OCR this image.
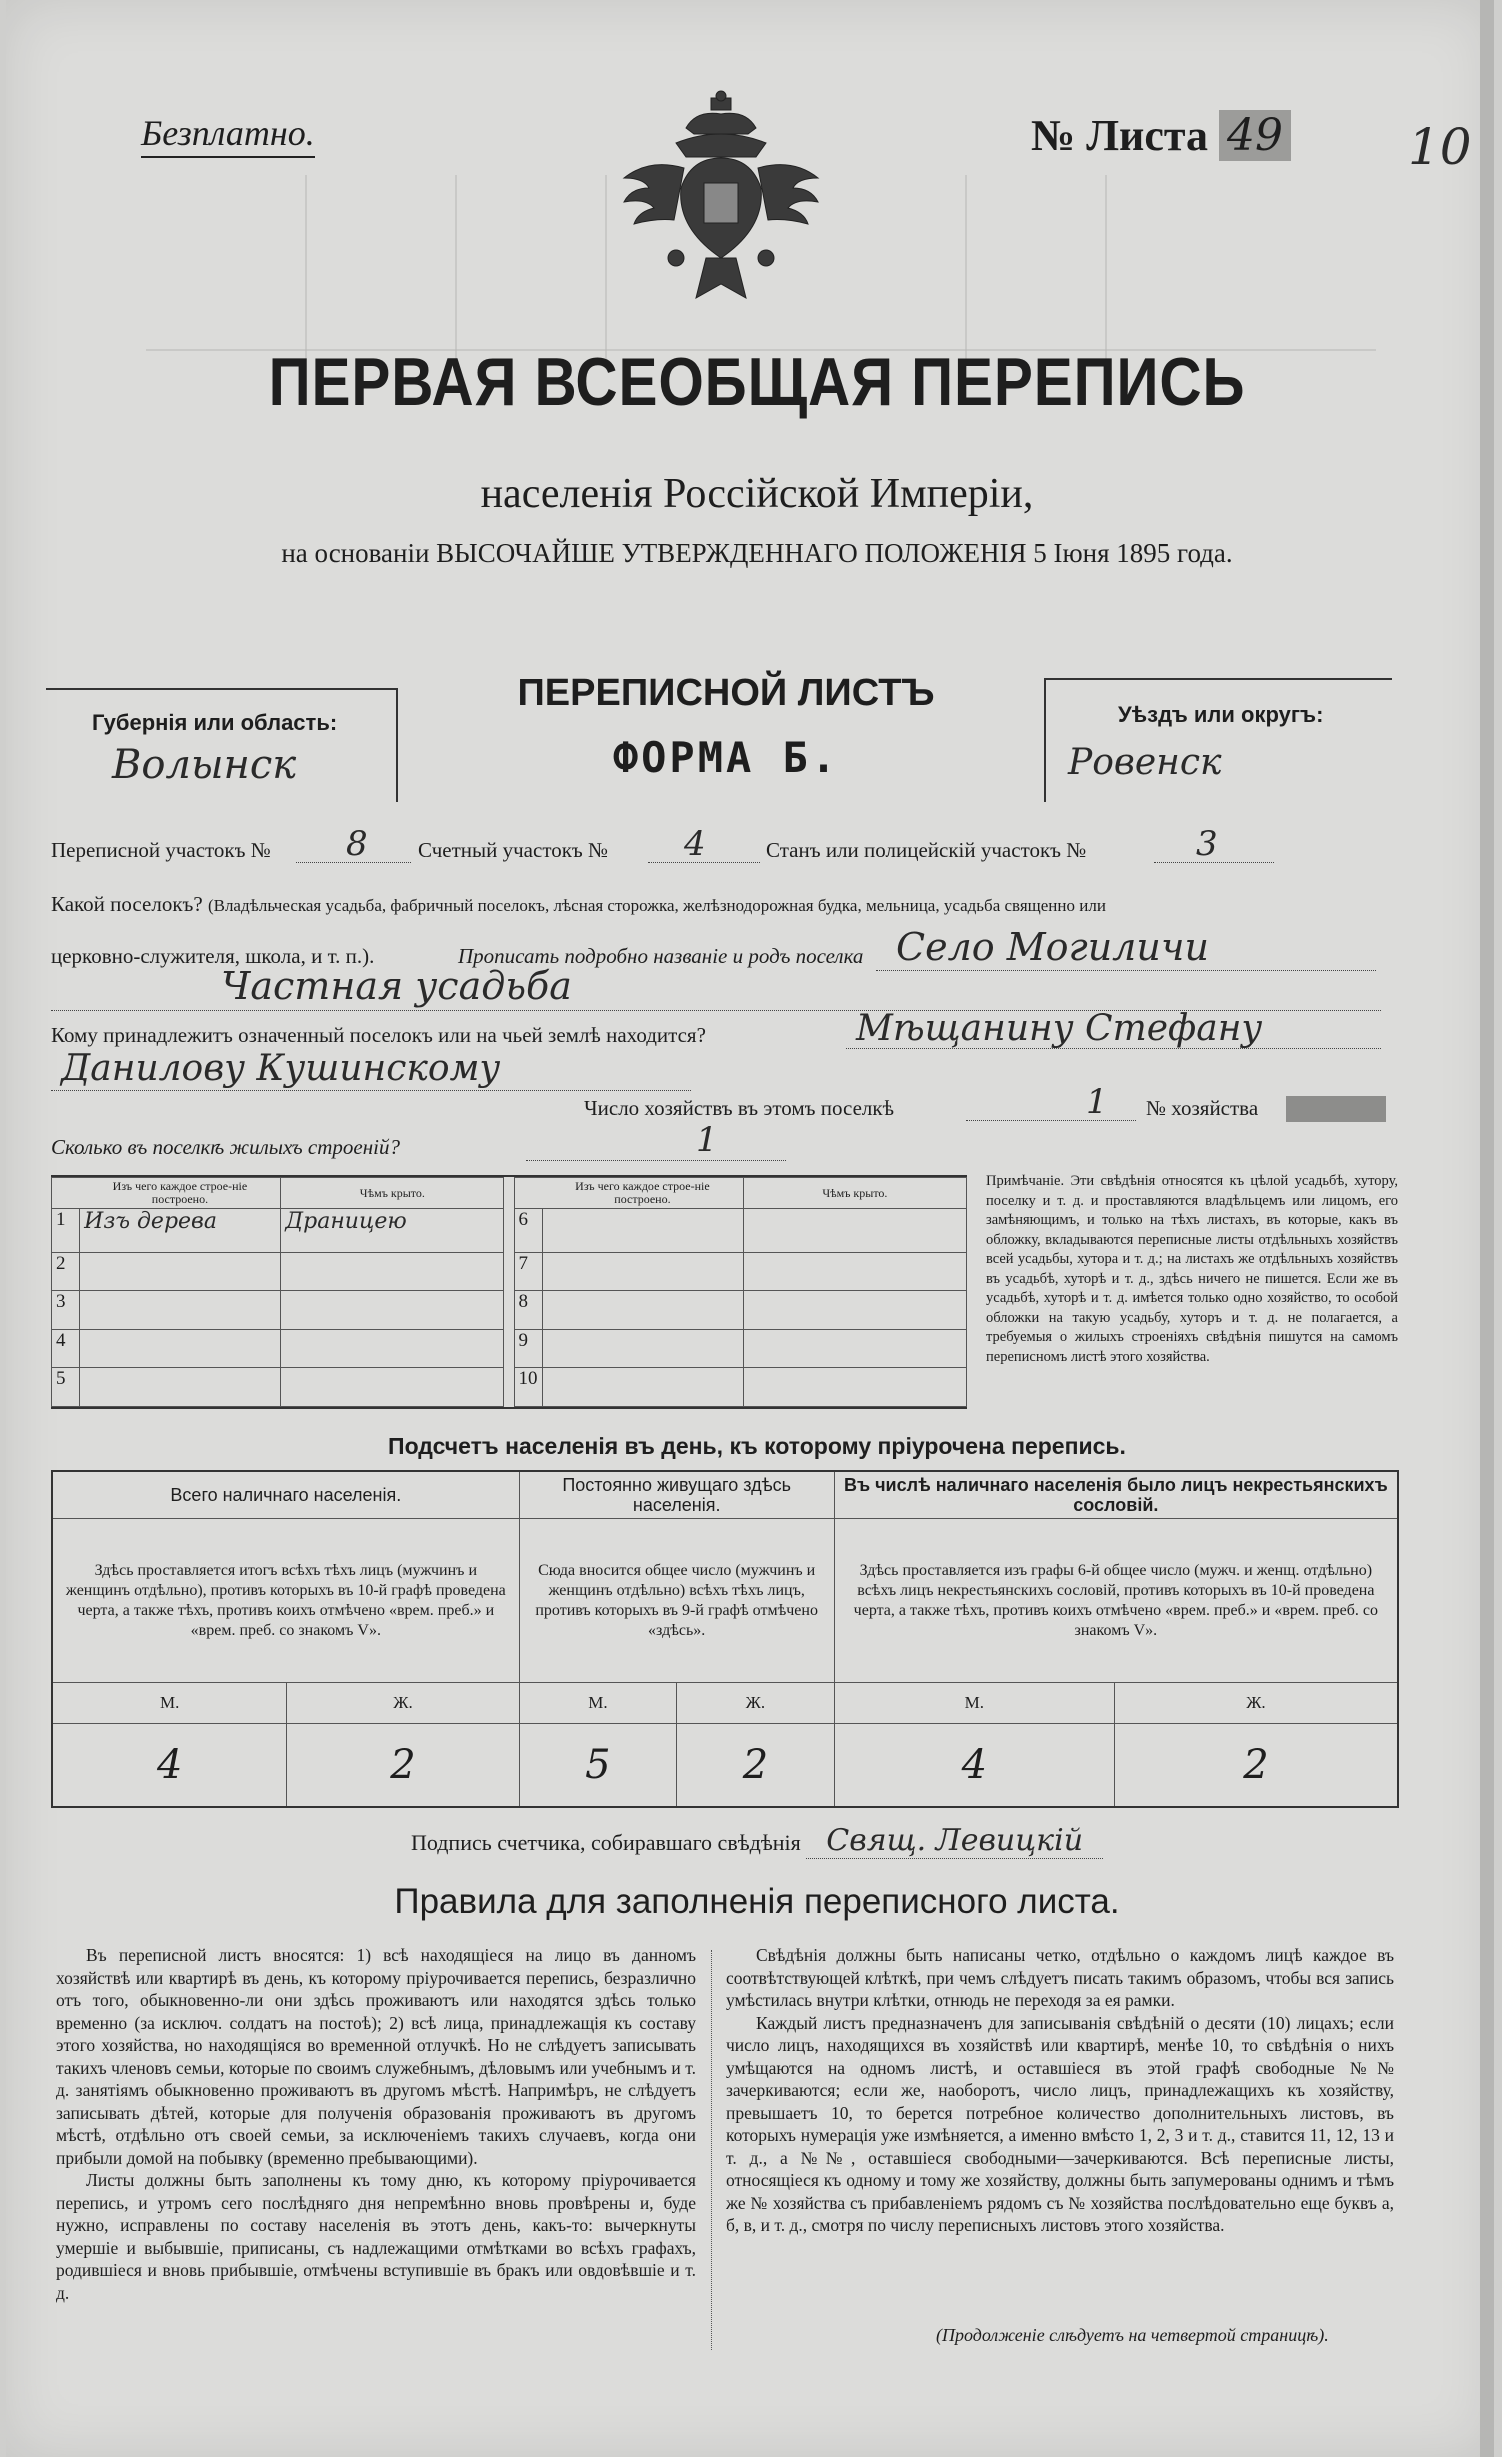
Безплатно.	№ Листа 49 10
ПЕРВАЯ ВСЕОБЩАЯ ПЕРЕПИСЬ
населенія Россійской Имперіи,
на основаніи ВЫСОЧАЙШЕ УТВЕРЖДЕННАГО ПОЛОЖЕНІЯ 5 Іюня 1895 года.
Губернія или область:
Волынск
ПЕРЕПИСНОЙ ЛИСТЪ
ФОРМА Б.
Уѣздъ или округъ:
Ровенск
Переписной участокъ № 8 Счетный участокъ № 4	Станъ или полицейскій участокъ №	3
Какой поселокъ? (Владѣльческая усадьба, фабричный поселокъ, лѣсная сторожка, желѣзнодорожная будка, мельница, усадьба священно или
церковно-служителя, школа, и т. п.).	Прописать подробно названіе и родъ поселка Село Могиличи
Частная усадьба
Кому принадлежитъ означенный поселокъ или на чьей землѣ находится?	Мѣщанину Стефану
Данилову Кушинскому
Число хозяйствъ въ этомъ поселкѣ	1 № хозяйства
Сколько въ поселкѣ жилыхъ строеній?	1
	Изъ чего каждое строе-ніе построено.	Чѣмъ крыто.			Изъ чего каждое строе-ніе построено.	Чѣмъ крыто.
1	Изъ дерева	Драницею		6		
2				7		
3				8		
4				9		
5				10		
Примѣчаніе. Эти свѣдѣнія относятся къ цѣлой усадьбѣ, хутору, поселку и т. д. и проставляются владѣльцемъ или лицомъ, его замѣняющимъ, и только на тѣхъ листахъ, въ которые, какъ въ обложку, вкладываются переписные листы отдѣльныхъ хозяйствъ всей усадьбы, хутора и т. д.; на листахъ же отдѣльныхъ хозяйствъ въ усадьбѣ, хуторѣ и т. д., здѣсь ничего не пишется. Если же въ усадьбѣ, хуторѣ и т. д. имѣется только одно хозяйство, то особой обложки на такую усадьбу, хуторъ и т. д. не полагается, а требуемыя о жилыхъ строеніяхъ свѣдѣнія пишутся на самомъ переписномъ листѣ этого хозяйства.
Подсчетъ населенія въ день, къ которому пріурочена перепись.
Всего наличнаго населенія.		Постоянно живущаго здѣсь населенія.		Въ числѣ наличнаго населенія было лицъ некрестьянскихъ сословій.	
Здѣсь проставляется итогъ всѣхъ тѣхъ лицъ (мужчинъ и женщинъ отдѣльно), противъ которыхъ въ 10-й графѣ проведена черта, а также тѣхъ, противъ коихъ отмѣчено «врем. преб.» и «врем. преб. со знакомъ V».		Сюда вносится общее число (мужчинъ и женщинъ отдѣльно) всѣхъ тѣхъ лицъ, противъ которыхъ въ 9-й графѣ отмѣчено «здѣсь».		Здѣсь проставляется изъ графы 6-й общее число (мужч. и женщ. отдѣльно) всѣхъ лицъ некрестьянскихъ сословій, противъ которыхъ въ 10-й проведена черта, а также тѣхъ, противъ коихъ отмѣчено «врем. преб.» и «врем. преб. со знакомъ V».	
М.	Ж.	М.	Ж.	М.	Ж.
4	2	5	2	4	2
Подпись счетчика, собиравшаго свѣдѣнія Свящ. Левицкій
Правила для заполненія переписного листа.

Въ переписной листъ вносятся: 1) всѣ находящіеся на лицо въ данномъ хозяйствѣ или квартирѣ въ день, къ которому пріурочивается перепись, безразлично отъ того, обыкновенно-ли они здѣсь проживаютъ или находятся здѣсь только временно (за исключ. солдатъ на постоѣ); 2) всѣ лица, принадлежащія къ составу этого хозяйства, но находящіяся во временной отлучкѣ. Но не слѣдуетъ записывать такихъ членовъ семьи, которые по своимъ служебнымъ, дѣловымъ или учебнымъ и т. д. занятіямъ обыкновенно проживаютъ въ другомъ мѣстѣ. Напримѣръ, не слѣдуетъ записывать дѣтей, которые для полученія образованія проживаютъ въ другомъ мѣстѣ, отдѣльно отъ своей семьи, за исключеніемъ такихъ случаевъ, когда они прибыли домой на побывку (временно пребывающими).

Листы должны быть заполнены къ тому дню, къ которому пріурочивается перепись, и утромъ сего послѣдняго дня непремѣнно вновь провѣрены и, буде нужно, исправлены по составу населенія въ этотъ день, какъ-то: вычеркнуты умершіе и выбывшіе, приписаны, съ надлежащими отмѣтками во всѣхъ графахъ, родившіеся и вновь прибывшіе, отмѣчены вступившіе въ бракъ или овдовѣвшіе и т. д.

Свѣдѣнія должны быть написаны четко, отдѣльно о каждомъ лицѣ каждое въ соотвѣтствующей клѣткѣ, при чемъ слѣдуетъ писать такимъ образомъ, чтобы вся запись умѣстилась внутри клѣтки, отнюдь не переходя за ея рамки.

Каждый листъ предназначенъ для записыванія свѣдѣній о десяти (10) лицахъ; если число лицъ, находящихся въ хозяйствѣ или квартирѣ, менѣе 10, то свѣдѣнія о нихъ умѣщаются на одномъ листѣ, и оставшіеся въ этой графѣ свободные №№ зачеркиваются; если же, наоборотъ, число лицъ, принадлежащихъ къ хозяйству, превышаетъ 10, то берется потребное количество дополнительныхъ листовъ, въ которыхъ нумерація уже измѣняется, а именно вмѣсто 1, 2, 3 и т. д., ставится 11, 12, 13 и т. д., а №№, оставшіеся свободными—зачеркиваются. Всѣ переписные листы, относящіеся къ одному и тому же хозяйству, должны быть запумерованы однимъ и тѣмъ же № хозяйства съ прибавленіемъ рядомъ съ № хозяйства послѣдовательно еще буквъ а, б, в, и т. д., смотря по числу переписныхъ листовъ этого хозяйства.

(Продолженіе слѣдуетъ на четвертой страницѣ).
